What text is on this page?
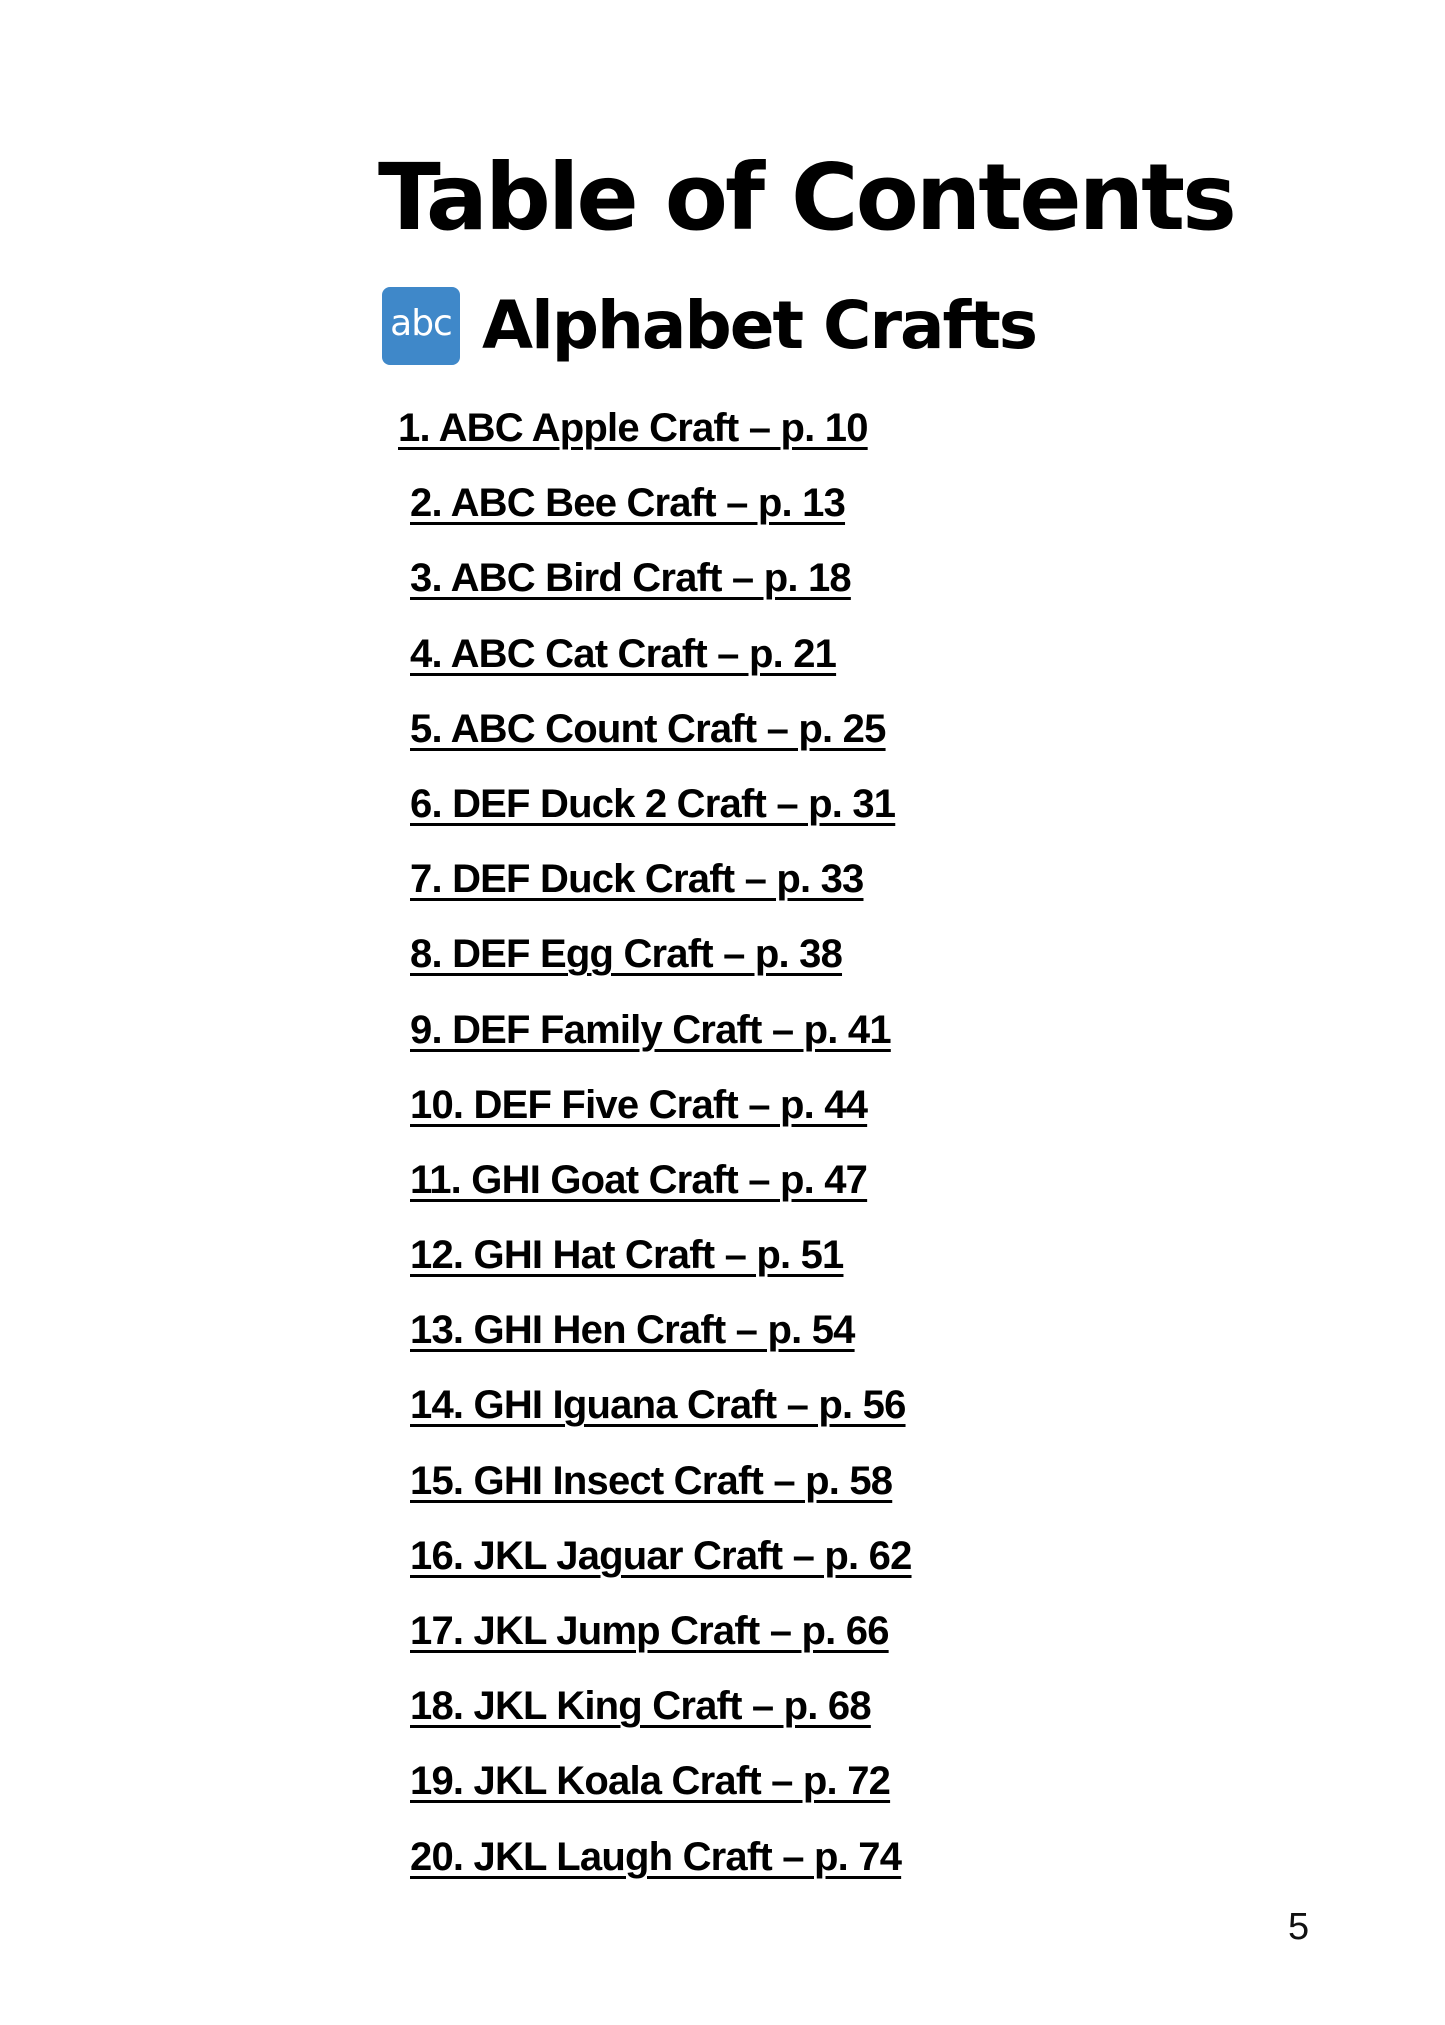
Table of Contents
abc Alphabet Crafts
1. ABC Apple Craft – p. 10
2. ABC Bee Craft – p. 13
3. ABC Bird Craft – p. 18
4. ABC Cat Craft – p. 21
5. ABC Count Craft – p. 25
6. DEF Duck 2 Craft – p. 31
7. DEF Duck Craft – p. 33
8. DEF Egg Craft – p. 38
9. DEF Family Craft – p. 41
10. DEF Five Craft – p. 44
11. GHI Goat Craft – p. 47
12. GHI Hat Craft – p. 51
13. GHI Hen Craft – p. 54
14. GHI Iguana Craft – p. 56
15. GHI Insect Craft – p. 58
16. JKL Jaguar Craft – p. 62
17. JKL Jump Craft – p. 66
18. JKL King Craft – p. 68
19. JKL Koala Craft – p. 72
20. JKL Laugh Craft – p. 74
5
